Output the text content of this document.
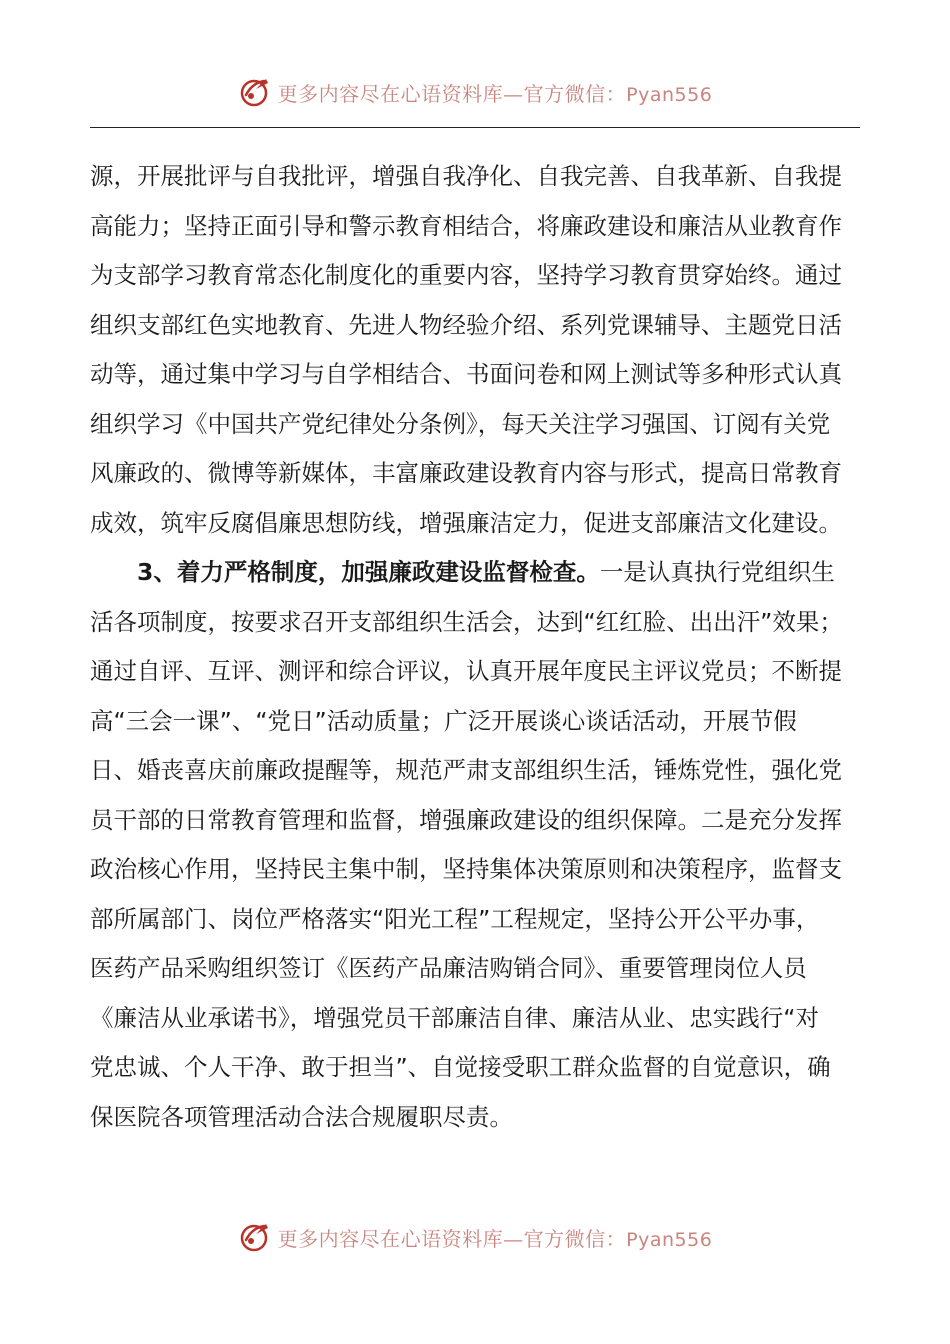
更多内容尽在心语资料库—官方微信：Pyan556
源，开展批评与自我批评，增强自我净化、自我完善、自我革新、自我提
高能力；坚持正面引导和警示教育相结合，将廉政建设和廉洁从业教育作
为支部学习教育常态化制度化的重要内容，坚持学习教育贯穿始终。通过
组织支部红色实地教育、先进人物经验介绍、系列党课辅导、主题党日活
动等，通过集中学习与自学相结合、书面问卷和网上测试等多种形式认真
组织学习《中国共产党纪律处分条例》，每天关注学习强国、订阅有关党
风廉政的、微博等新媒体，丰富廉政建设教育内容与形式，提高日常教育
成效，筑牢反腐倡廉思想防线，增强廉洁定力，促进支部廉洁文化建设。
3、着力严格制度，加强廉政建设监督检查。一是认真执行党组织生
活各项制度，按要求召开支部组织生活会，达到“红红脸、出出汗”效果；
通过自评、互评、测评和综合评议，认真开展年度民主评议党员；不断提
高“三会一课”、“党日”活动质量；广泛开展谈心谈话活动，开展节假
日、婚丧喜庆前廉政提醒等，规范严肃支部组织生活，锤炼党性，强化党
员干部的日常教育管理和监督，增强廉政建设的组织保障。二是充分发挥
政治核心作用，坚持民主集中制，坚持集体决策原则和决策程序，监督支
部所属部门、岗位严格落实“阳光工程”工程规定，坚持公开公平办事，
医药产品采购组织签订《医药产品廉洁购销合同》、重要管理岗位人员
《廉洁从业承诺书》，增强党员干部廉洁自律、廉洁从业、忠实践行“对
党忠诚、个人干净、敢于担当”、自觉接受职工群众监督的自觉意识，确
保医院各项管理活动合法合规履职尽责。
更多内容尽在心语资料库—官方微信：Pyan556
